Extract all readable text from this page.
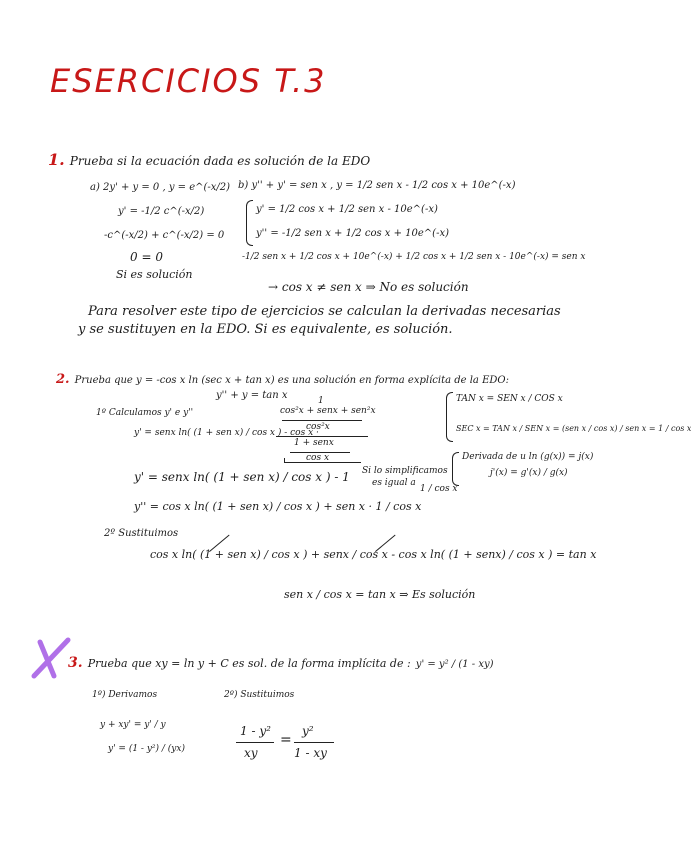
ESERCICIOS T.3
1. Prueba si la ecuación dada es solución de la EDO
a) 2y' + y = 0 , y = e^(-x/2)
y' = -1/2 c^(-x/2)
-c^(-x/2) + c^(-x/2) = 0
0 = 0
Si es solución
b) y'' + y' = sen x , y = 1/2 sen x - 1/2 cos x + 10e^(-x)
y' = 1/2 cos x + 1/2 sen x - 10e^(-x)
y'' = -1/2 sen x + 1/2 cos x + 10e^(-x)
-1/2 sen x + 1/2 cos x + 10e^(-x) + 1/2 cos x + 1/2 sen x - 10e^(-x) = sen x
→ cos x ≠ sen x ⇒ No es solución
Para resolver este tipo de ejercicios se calculan la derivadas necesarias
y se sustituyen en la EDO. Si es equivalente, es solución.
2. Prueba que y = -cos x ln (sec x + tan x) es una solución en forma explícita de la EDO:
y'' + y = tan x
1º Calculamos y' e y''
y' = senx ln( (1 + sen x) / cos x ) - cos x ·
1
cos²x + senx + sen²x
cos²x
1 + senx
cos x
Si lo simplificamos
es igual a
1 / cos x
y' = senx ln( (1 + sen x) / cos x ) - 1
y'' = cos x ln( (1 + sen x) / cos x ) + sen x · 1 / cos x
2º Sustituimos
cos x ln( (1 + sen x) / cos x ) + senx / cos x - cos x ln( (1 + senx) / cos x ) = tan x
sen x / cos x = tan x ⇒ Es solución
TAN x = SEN x / COS x
SEC x = TAN x / SEN x = (sen x / cos x) / sen x = 1 / cos x
Derivada de u ln (g(x)) = j(x)
j'(x) = g'(x) / g(x)
3. Prueba que xy = ln y + C es sol. de la forma implícita de : y' = y² / (1 - xy)
1º) Derivamos
y + xy' = y' / y
y' = (1 - y²) / (yx)
2º) Sustituimos
1 - y²
xy
=
y²
1 - xy
